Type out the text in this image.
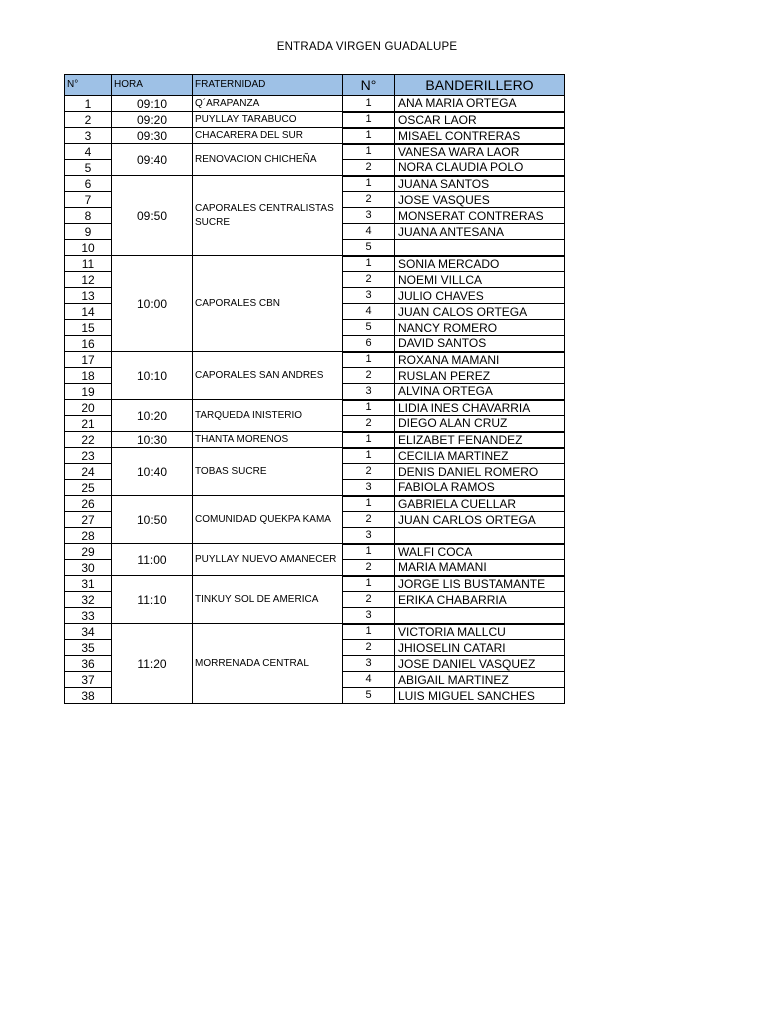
ENTRADA VIRGEN GUADALUPE
N°	HORA	FRATERNIDAD	N°	BANDERILLERO
1	09:10	Q´ARAPANZA	1	ANA MARIA ORTEGA
2	09:20	PUYLLAY TARABUCO	1	OSCAR LAOR
3	09:30	CHACARERA DEL SUR	1	MISAEL CONTRERAS
4	09:40	RENOVACION CHICHEÑA	1	VANESA WARA LAOR
5			2	NORA CLAUDIA POLO
6	09:50	CAPORALES CENTRALISTAS SUCRE	1	JUANA SANTOS
7			2	JOSE VASQUES
8			3	MONSERAT CONTRERAS
9			4	JUANA ANTESANA
10			5	
11	10:00	CAPORALES CBN	1	SONIA MERCADO
12			2	NOEMI VILLCA
13			3	JULIO CHAVES
14			4	JUAN CALOS ORTEGA
15			5	NANCY ROMERO
16			6	DAVID SANTOS
17	10:10	CAPORALES SAN ANDRES	1	ROXANA MAMANI
18			2	RUSLAN PEREZ
19			3	ALVINA ORTEGA
20	10:20	TARQUEDA INISTERIO	1	LIDIA INES CHAVARRIA
21			2	DIEGO ALAN CRUZ
22	10:30	THANTA MORENOS	1	ELIZABET FENANDEZ
23	10:40	TOBAS SUCRE	1	CECILIA MARTINEZ
24			2	DENIS DANIEL ROMERO
25			3	FABIOLA RAMOS
26	10:50	COMUNIDAD QUEKPA KAMA	1	GABRIELA CUELLAR
27			2	JUAN CARLOS ORTEGA
28			3	
29	11:00	PUYLLAY NUEVO AMANECER	1	WALFI COCA
30			2	MARIA MAMANI
31	11:10	TINKUY SOL DE AMERICA	1	JORGE LIS BUSTAMANTE
32			2	ERIKA CHABARRIA
33			3	
34	11:20	MORRENADA CENTRAL	1	VICTORIA MALLCU
35			2	JHIOSELIN CATARI
36			3	JOSE DANIEL VASQUEZ
37			4	ABIGAIL MARTINEZ
38			5	LUIS MIGUEL SANCHES
